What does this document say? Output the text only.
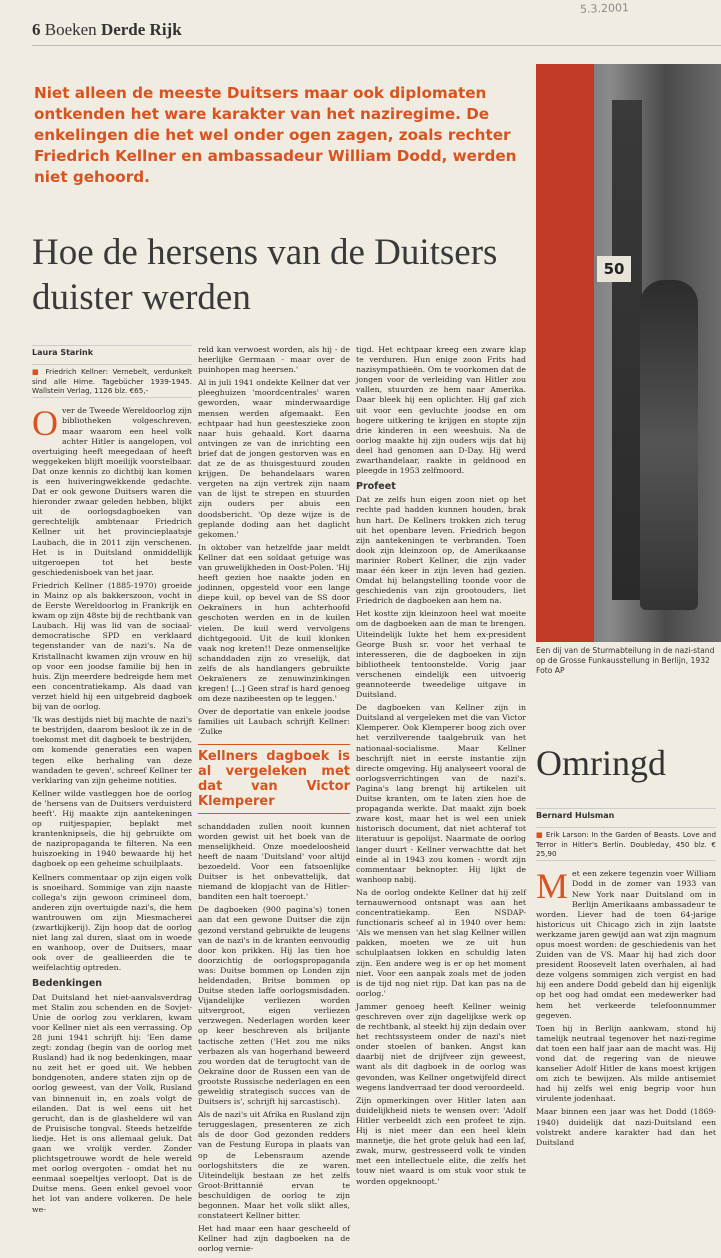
5.3.2001
6 Boeken Derde Rijk
Niet alleen de meeste Duitsers maar ook diplomaten ontkenden het ware karakter van het naziregime. De enkelingen die het wel onder ogen zagen, zoals rechter Friedrich Kellner en ambassadeur William Dodd, werden niet gehoord.
Hoe de hersens van de Duitsers duister werden
50
Een dij van de Sturmabteilung in de nazi-stand op de Grosse Funkausstellung in Berlijn, 1932 Foto AP
Laura Starink
■ Friedrich Kellner: Vernebelt, verdunkelt sind alle Hirne. Tagebücher 1939-1945. Wallstein Verlag, 1126 blz. €65,-
O ver de Tweede Wereldoorlog zijn bibliotheken volgeschreven, maar waarom een heel volk achter Hitler is aangelopen, vol overtuiging heeft meegedaan of heeft weggekeken blijft moeilijk voorstelbaar. Dat onze kennis zo dichtbij kan komen is een huiveringwekkende gedachte. Dat er ook gewone Duitsers waren die hieronder zwaar geleden hebben, blijkt uit de oorlogsdagboeken van gerechtelijk ambtenaar Friedrich Kellner uit het provincieplaatsje Laubach, die in 2011 zijn verschenen. Het is in Duitsland onmiddellijk uitgeroepen tot het beste geschiedenisboek van het jaar.

Friedrich Kellner (1885-1970) groeide in Mainz op als bakkerszoon, vocht in de Eerste Wereldoorlog in Frankrijk en kwam op zijn 48ste bij de rechtbank van Laubach. Hij was lid van de sociaal-democratische SPD en verklaard tegenstander van de nazi's. Na de Kristallnacht kwamen zijn vrouw en hij op voor een joodse familie bij hen in huis. Zijn meerdere bedreigde hem met een concentratiekamp. Als daad van verzet hield hij een uitgebreid dagboek bij van de oorlog.

'Ik was destijds niet bij machte de nazi's te bestrijden, daarom besloot ik ze in de toekomst met dit dagboek te bestrijden, om komende generaties een wapen tegen elke herhaling van deze wandaden te geven', schreef Kellner ter verklaring van zijn geheime notities.

Kellner wilde vastleggen hoe de oorlog de 'hersens van de Duitsers verduisterd heeft'. Hij maakte zijn aantekeningen op ruitjespapier, beplakt met krantenknipsels, die hij gebruikte om de nazipropaganda te filteren. Na een huiszoeking in 1940 bewaarde hij het dagboek op een geheime schuilplaats.

Kellners commentaar op zijn eigen volk is snoeihard. Sommige van zijn naaste collega's zijn gewoon crimineel dom, anderen zijn overtuigde nazi's, die hem wantrouwen om zijn Miesmacherei (zwartkijkerij). Zijn hoop dat de oorlog niet lang zal duren, slaat om in woede en wanhoop, over de Duitsers, maar ook over de geallieerden die te weifelachtig optreden.

Bedenkingen

Dat Duitsland het niet-aanvalsverdrag met Stalin zou schenden en de Sovjet-Unie de oorlog zou verklaren, kwam voor Kellner niet als een verrassing. Op 28 juni 1941 schrijft hij: 'Een dame zegt: zondag (begin van de oorlog met Rusland) had ik nog bedenkingen, maar nu zeit het er goed uit. We hebben bondgenoten, andere staten zijn op de oorlog geweest, van der Volk, Rusland van binnenuit in, en zoals volgt de eilanden. Dat is wel eens uit het gerucht, dan is de glasheldere wil van de Pruisische tongval. Steeds hetzelfde liedje. Het is ons allemaal geluk. Dat gaan we vrolijk verder. Zonder plichtsgetrouwe wordt de hele wereld met oorlog overgoten - omdat het nu eenmaal soepeltjes verloopt. Dat is de Duitse mens. Geen enkel gevoel voor het lot van andere volkeren. De hele we-

reld kan verwoest worden, als hij - de heerlijke Germaan - maar over de puinhopen mag heersen.'

Al in juli 1941 ondekte Kellner dat ver pleeghuizen 'moordcentrales' waren geworden, waar minderwaardige mensen werden afgemaakt. Een echtpaar had hun geesteszieke zoon naar huis gehaald. Kort daarna ontvingen ze van de inrichting een brief dat de jongen gestorven was en dat ze de as thuisgestuurd zouden krijgen. De behandelaars waren vergeten na zijn vertrek zijn naam van de lijst te strepen en stuurden zijn ouders per abuis een doodsbericht. 'Op deze wijze is de geplande doding aan het daglicht gekomen.'

In oktober van hetzelfde jaar meldt Kellner dat een soldaat getuige was van gruwelijkheden in Oost-Polen. 'Hij heeft gezien hoe naakte joden en jodinnen, opgesteld voor een lange diepe kuil, op bevel van de SS door Oekraïners in hun achterhoofd geschoten werden en in de kuilen vielen. De kuil werd vervolgens dichtgegooid. Uit de kuil klonken vaak nog kreten!! Deze onmenselijke schanddaden zijn zo vreselijk, dat zelfs de als handlangers gebruikte Oekraïeners ze zenuwinzinkingen kregen! [...] Geen straf is hard genoeg om deze nazibeesten op te leggen.'

Over de deportatie van enkele joodse families uit Laubach schrijft Kellner: 'Zulke

Kellners dagboek is al vergeleken met dat van Victor Klemperer

schanddaden zullen nooit kunnen worden gewist uit het boek van de menselijkheid. Onze moedeloosheid heeft de naam 'Duitsland' voor altijd bezoedeld. Voor een fatsoenlijke Duitser is het onbevattelijk, dat niemand de klopjacht van de Hitler-banditen een halt toeroept.'

De dagboeken (900 pagina's) tonen aan dat een gewone Duitser die zijn gezond verstand gebruikte de leugens van de nazi's in de kranten eenvoudig door kon prikken. Hij las tien hoe doorzichtig de oorlogspropaganda was: Duitse bommen op Londen zijn heldendaden, Britse bommen op Duitse steden laffe oorlogsmisdaden. Vijandelijke verliezen worden uitvergroot, eigen verliezen verzwegen. Nederlagen worden keer op keer beschreven als briljante tactische zetten ('Het zou me niks verbazen als van hogerhand beweerd zou worden dat de terugtocht van de Oekraïne door de Russen een van de grootste Russische nederlagen en een geweldig strategisch succes van de Duitsers is', schrijft hij sarcastisch).

Als de nazi's uit Afrika en Rusland zijn teruggeslagen, presenteren ze zich als de door God gezonden redders van de Festung Europa in plaats van op de Lebensraum azende oorlogshitsters die ze waren. Uiteindelijk bestaan ze het zelfs Groot-Brittannië ervan te beschuldigen de oorlog te zijn begonnen. Maar het volk slikt alles, constateert Kellner bitter.

Het had maar een haar gescheeld of Kellner had zijn dagboeken na de oorlog vernie-

tigd. Het echtpaar kreeg een zware klap te verduren. Hun enige zoon Frits had nazisympathieën. Om te voorkomen dat de jongen voor de verleiding van Hitler zou vallen, stuurden ze hem naar Amerika. Daar bleek hij een oplichter. Hij gaf zich uit voor een gevluchte joodse en om hogere uitkering te krijgen en stopte zijn drie kinderen in een weeshuis. Na de oorlog maakte hij zijn ouders wijs dat hij deel had genomen aan D-Day. Hij werd zwarthandelaar, raakte in geldnood en pleegde in 1953 zelfmoord.

Profeet

Dat ze zelfs hun eigen zoon niet op het rechte pad hadden kunnen houden, brak hun hart. De Kellners trokken zich terug uit het openbare leven. Friedrich begon zijn aantekeningen te verbranden. Toen dook zijn kleinzoon op, de Amerikaanse marinier Robert Kellner, die zijn vader maar één keer in zijn leven had gezien. Omdat hij belangstelling toonde voor de geschiedenis van zijn grootouders, liet Friedrich de dagboeken aan hem na.

Het kostte zijn kleinzoon heel wat moeite om de dagboeken aan de man te brengen. Uiteindelijk lukte het hem ex-president George Bush sr. voor het verhaal te interesseren, die de dagboeken in zijn bibliotheek tentoonstelde. Vorig jaar verschenen eindelijk een uitvoerig geannoteerde tweedelige uitgave in Duitsland.

De dagboeken van Kellner zijn in Duitsland al vergeleken met die van Victor Klemperer. Ook Klemperer boog zich over het verzilverende taalgebruik van het nationaal-socialisme. Maar Kellner beschrijft niet in eerste instantie zijn directe omgeving. Hij analyseert vooral de oorlogsverrichtingen van de nazi's. Pagina's lang brengt hij artikelen uit Duitse kranten, om te laten zien hoe de propaganda werkte. Dat maakt zijn boek zware kost, maar het is wel een uniek historisch document, dat niet achteraf tot literatuur is gepolijst. Naarmate de oorlog langer duurt - Kellner verwachtte dat het einde al in 1943 zou komen - wordt zijn commentaar beknopter. Hij lijkt de wanhoop nabij.

Na de oorlog ondekte Kellner dat hij zelf ternauwernood ontsnapt was aan het concentratiekamp. Een NSDAP-functionaris scheef al in 1940 over hem: 'Als we mensen van het slag Kellner willen pakken, moeten we ze uit hun schulplaatsen lokken en schuldig laten zijn. Een andere weg is er op het moment niet. Voor een aanpak zoals met de joden is de tijd nog niet rijp. Dat kan pas na de oorlog.'

Jammer genoeg heeft Kellner weinig geschreven over zijn dagelijkse werk op de rechtbank, al steekt hij zijn dedain over het rechtssysteem onder de nazi's niet onder stoelen of banken. Angst kan daarbij niet de drijfveer zijn geweest, want als dit dagboek in de oorlog was gevonden, was Kellner ongetwijfeld direct wegens landverraad ter dood veroordeeld.

Zijn opmerkingen over Hitler laten aan duidelijkheid niets te wensen over: 'Adolf Hitler verbeeldt zich een profeet te zijn. Hij is niet meer dan een heel klein mannetje, die het grote geluk had een laf, zwak, murw, gestresseerd volk te vinden met een intellectuele elite, die zelfs het touw niet waard is om stuk voor stuk te worden opgeknoopt.'

Omringd
Bernard Hulsman
■ Erik Larson: In the Garden of Beasts. Love and Terror in Hitler's Berlin. Doubleday, 450 blz. € 25,90
M et een zekere tegenzin voer William Dodd in de zomer van 1933 van New York naar Duitsland om in Berlijn Amerikaans ambassadeur te worden. Liever had de toen 64-jarige historicus uit Chicago zich in zijn laatste werkzame jaren gewijd aan wat zijn magnum opus moest worden: de geschiedenis van het Zuiden van de VS. Maar hij had zich door president Roosevelt laten overhalen, al had deze volgens sommigen zich vergist en had hij een andere Dodd gebeld dan hij eigenlijk op het oog had omdat een medewerker had hem het verkeerde telefoonnummer gegeven.

Toen hij in Berlijn aankwam, stond hij tamelijk neutraal tegenover het nazi-regime dat toen een half jaar aan de macht was. Hij vond dat de regering van de nieuwe kanselier Adolf Hitler de kans moest krijgen om zich te bewijzen. Als milde antisemiet had hij zelfs wel enig begrip voor hun virulente jodenhaat.

Maar binnen een jaar was het Dodd (1869-1940) duidelijk dat nazi-Duitsland een volstrekt andere karakter had dan het Duitsland
